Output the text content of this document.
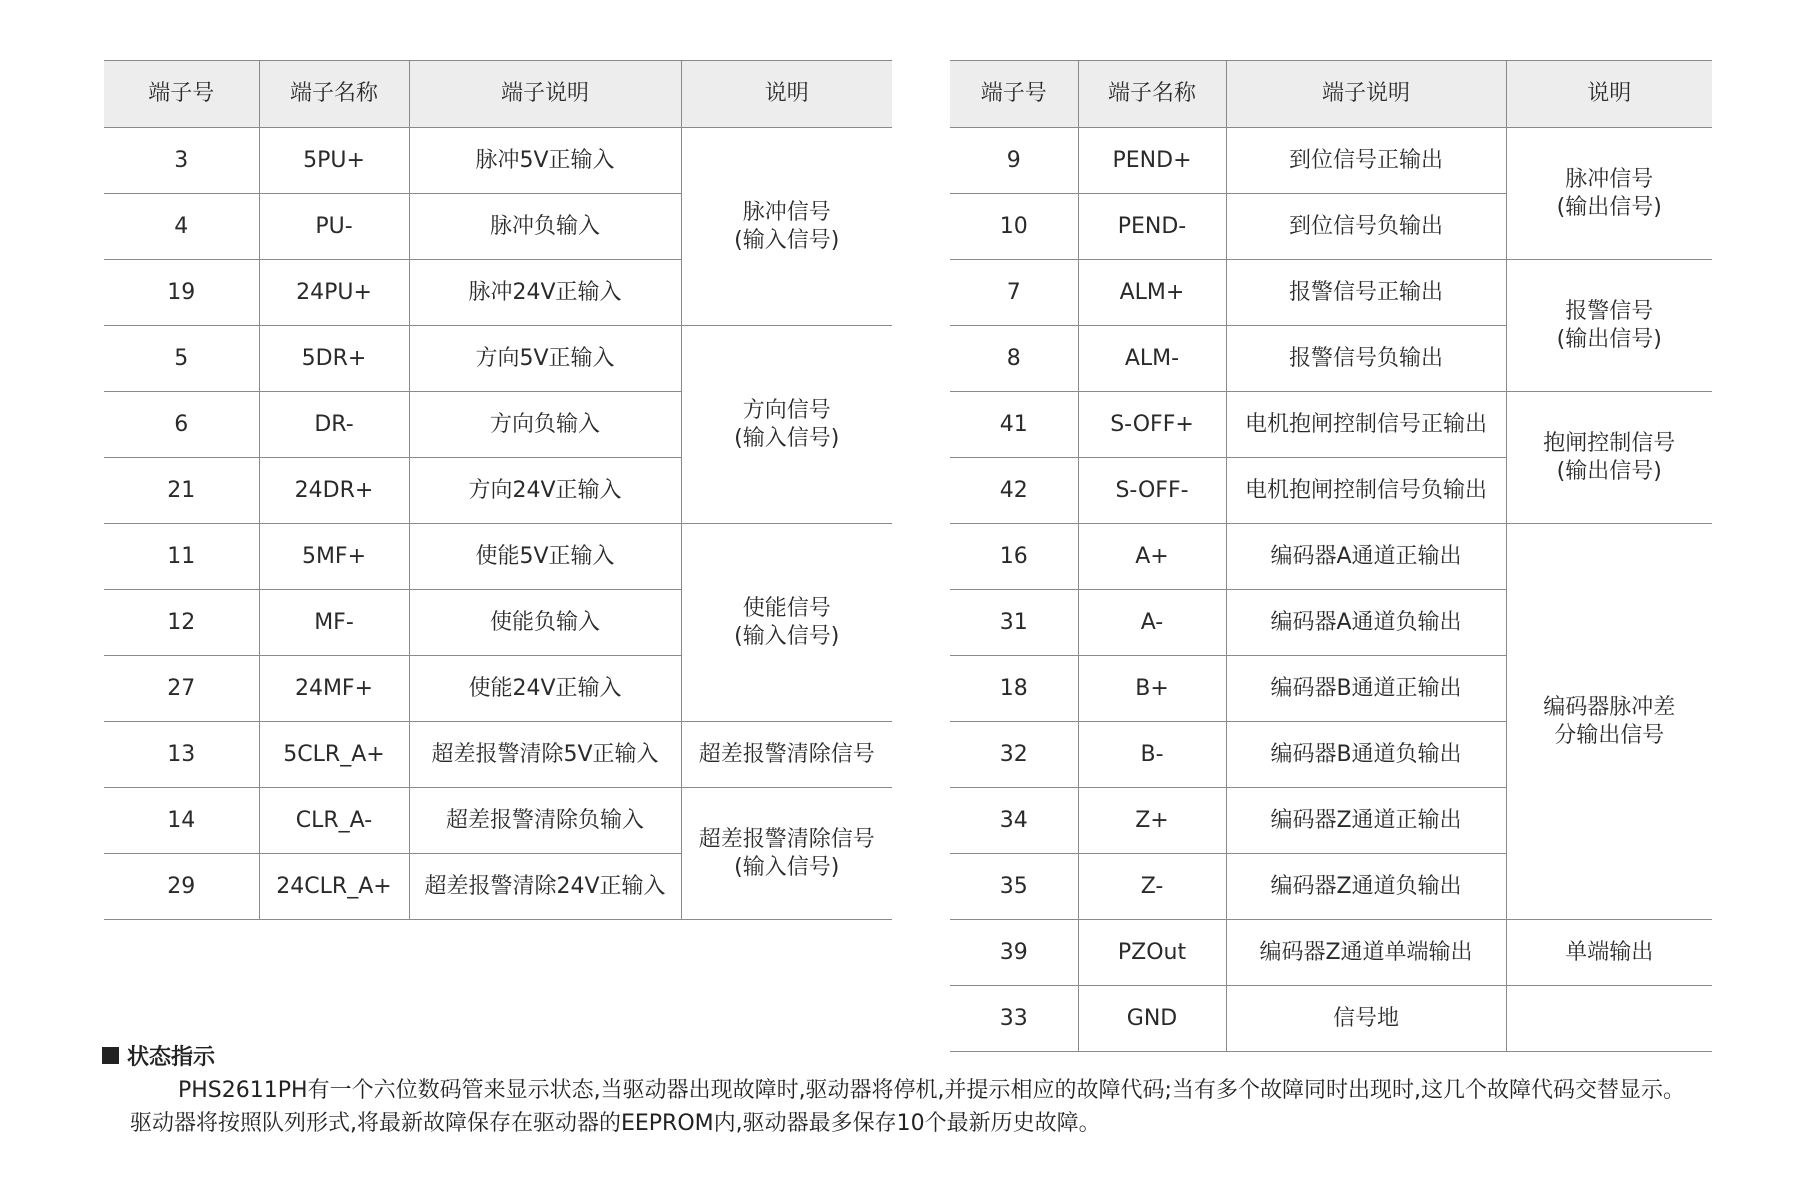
端子号	端子名称	端子说明	说明
3	5PU+	脉冲5V正输入	脉冲信号
(输入信号)
4	PU-	脉冲负输入	
19	24PU+	脉冲24V正输入	
5	5DR+	方向5V正输入	方向信号
(输入信号)
6	DR-	方向负输入	
21	24DR+	方向24V正输入	
11	5MF+	使能5V正输入	使能信号
(输入信号)
12	MF-	使能负输入	
27	24MF+	使能24V正输入	
13	5CLR_A+	超差报警清除5V正输入	超差报警清除信号
14	CLR_A-	超差报警清除负输入	超差报警清除信号
(输入信号)
29	24CLR_A+	超差报警清除24V正输入	
端子号	端子名称	端子说明	说明
9	PEND+	到位信号正输出	脉冲信号
(输出信号)
10	PEND-	到位信号负输出	
7	ALM+	报警信号正输出	报警信号
(输出信号)
8	ALM-	报警信号负输出	
41	S-OFF+	电机抱闸控制信号正输出	抱闸控制信号
(输出信号)
42	S-OFF-	电机抱闸控制信号负输出	
16	A+	编码器A通道正输出	编码器脉冲差
分输出信号
31	A-	编码器A通道负输出	
18	B+	编码器B通道正输出	
32	B-	编码器B通道负输出	
34	Z+	编码器Z通道正输出	
35	Z-	编码器Z通道负输出	
39	PZOut	编码器Z通道单端输出	单端输出
33	GND	信号地	
状态指示
PHS2611PH有一个六位数码管来显示状态,当驱动器出现故障时,驱动器将停机,并提示相应的故障代码;当有多个故障同时出现时,这几个故障代码交替显示。驱动器将按照队列形式,将最新故障保存在驱动器的EEPROM内,驱动器最多保存10个最新历史故障。
